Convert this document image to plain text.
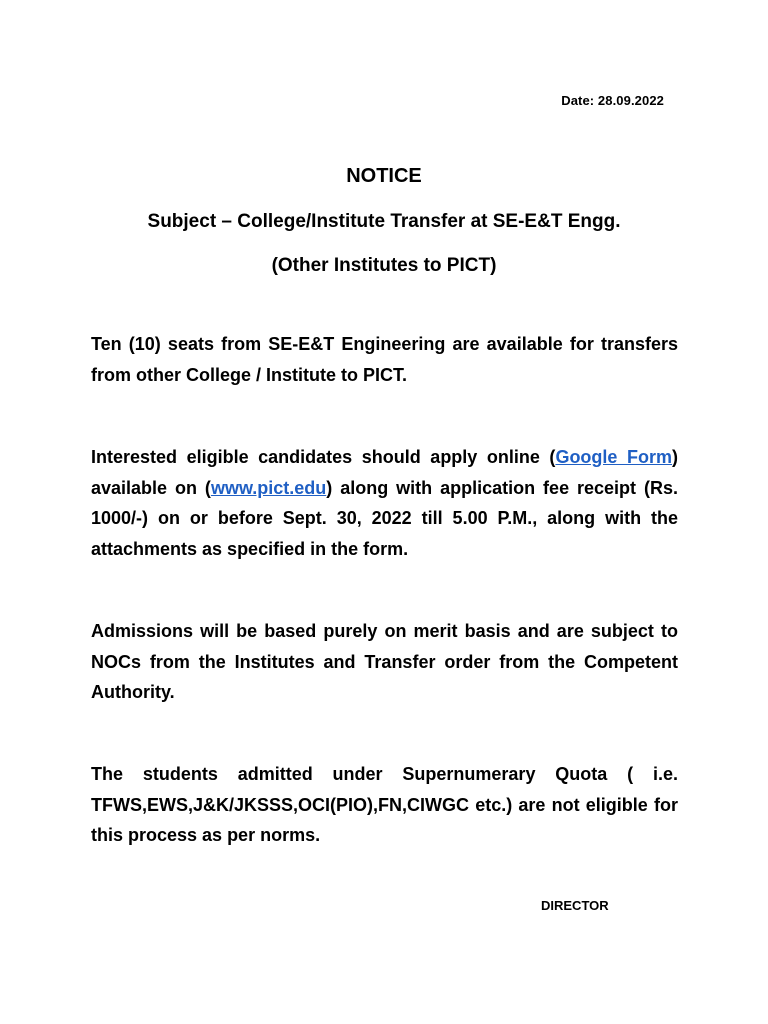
Date: 28.09.2022
NOTICE
Subject – College/Institute Transfer at SE-E&T Engg.
(Other Institutes to PICT)

Ten (10) seats from SE-E&T Engineering are available for transfers from other College / Institute to PICT.

Interested eligible candidates should apply online (Google Form) available on (www.pict.edu) along with application fee receipt (Rs. 1000/-) on or before Sept. 30, 2022 till 5.00 P.M., along with the attachments as specified in the form.

Admissions will be based purely on merit basis and are subject to NOCs from the Institutes and Transfer order from the Competent Authority.

The students admitted under Supernumerary Quota ( i.e. TFWS,EWS,J&K/JKSSS,OCI(PIO),FN,CIWGC etc.) are not eligible for this process as per norms.

DIRECTOR
